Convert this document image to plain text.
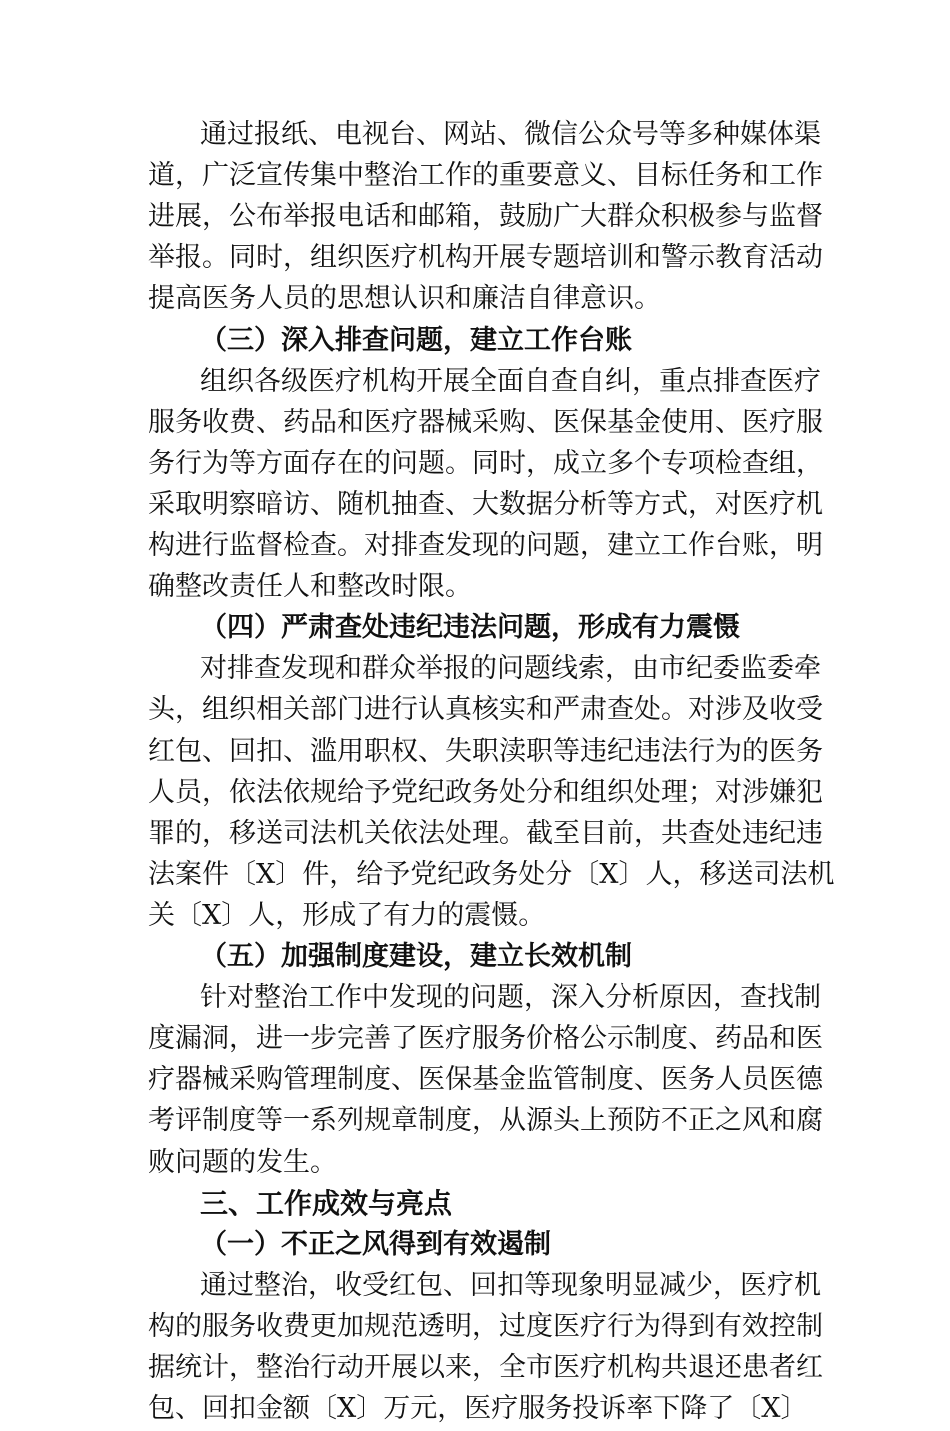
通过报纸、电视台、网站、微信公众号等多种媒体渠
道，广泛宣传集中整治工作的重要意义、目标任务和工作
进展，公布举报电话和邮箱，鼓励广大群众积极参与监督
举报。同时，组织医疗机构开展专题培训和警示教育活动
提高医务人员的思想认识和廉洁自律意识。
（三）深入排查问题，建立工作台账
组织各级医疗机构开展全面自查自纠，重点排查医疗
服务收费、药品和医疗器械采购、医保基金使用、医疗服
务行为等方面存在的问题。同时，成立多个专项检查组，
采取明察暗访、随机抽查、大数据分析等方式，对医疗机
构进行监督检查。对排查发现的问题，建立工作台账，明
确整改责任人和整改时限。
（四）严肃查处违纪违法问题，形成有力震慑
对排查发现和群众举报的问题线索，由市纪委监委牵
头，组织相关部门进行认真核实和严肃查处。对涉及收受
红包、回扣、滥用职权、失职渎职等违纪违法行为的医务
人员，依法依规给予党纪政务处分和组织处理；对涉嫌犯
罪的，移送司法机关依法处理。截至目前，共查处违纪违
法案件〔X〕件，给予党纪政务处分〔X〕人，移送司法机
关〔X〕人，形成了有力的震慑。
（五）加强制度建设，建立长效机制
针对整治工作中发现的问题，深入分析原因，查找制
度漏洞，进一步完善了医疗服务价格公示制度、药品和医
疗器械采购管理制度、医保基金监管制度、医务人员医德
考评制度等一系列规章制度，从源头上预防不正之风和腐
败问题的发生。
三、工作成效与亮点
（一）不正之风得到有效遏制
通过整治，收受红包、回扣等现象明显减少，医疗机
构的服务收费更加规范透明，过度医疗行为得到有效控制
据统计，整治行动开展以来，全市医疗机构共退还患者红
包、回扣金额〔X〕万元，医疗服务投诉率下降了〔X〕
